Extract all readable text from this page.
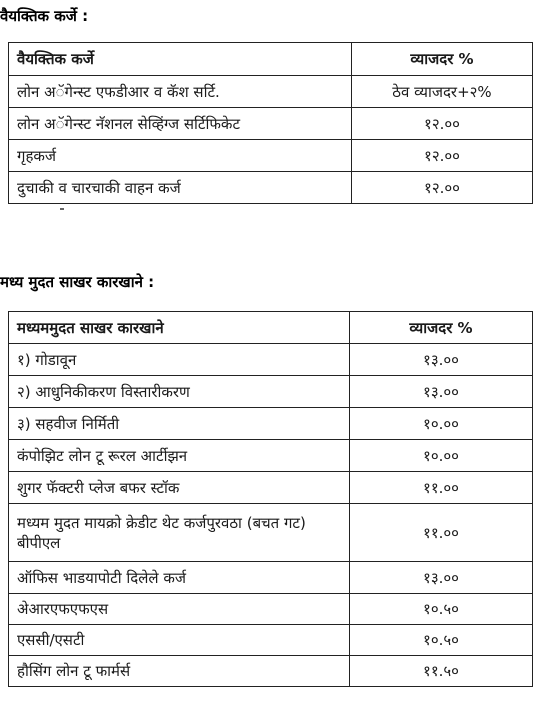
वैयक्तिक कर्जे :
वैयक्तिक कर्जे	व्याजदर %
लोन अॅगेन्स्ट एफडीआर व कॅश सर्टि.	ठेव व्याजदर+२%
लोन अॅगेन्स्ट नॅशनल सेव्हिंग्ज सर्टिफिकेट	१२.००
गृहकर्ज	१२.००
दुचाकी व चारचाकी वाहन कर्ज	१२.००
मध्य मुदत साखर कारखाने :
मध्यममुदत साखर कारखाने	व्याजदर %
१) गोडावून	१३.००
२) आधुनिकीकरण विस्तारीकरण	१३.००
३) सहवीज निर्मिती	१०.००
कंपोझिट लोन टू रूरल आर्टीझन	१०.००
शुगर फॅक्टरी प्लेज बफर स्टॉक	११.००
मध्यम मुदत मायक्रो क्रेडीट थेट कर्जपुरवठा (बचत गट) बीपीएल	११.००
ऑफिस भाडयापोटी दिलेले कर्ज	१३.००
अेआरएफएफएस	१०.५०
एससी/एसटी	१०.५०
हौसिंग लोन टू फार्मर्स	११.५०
